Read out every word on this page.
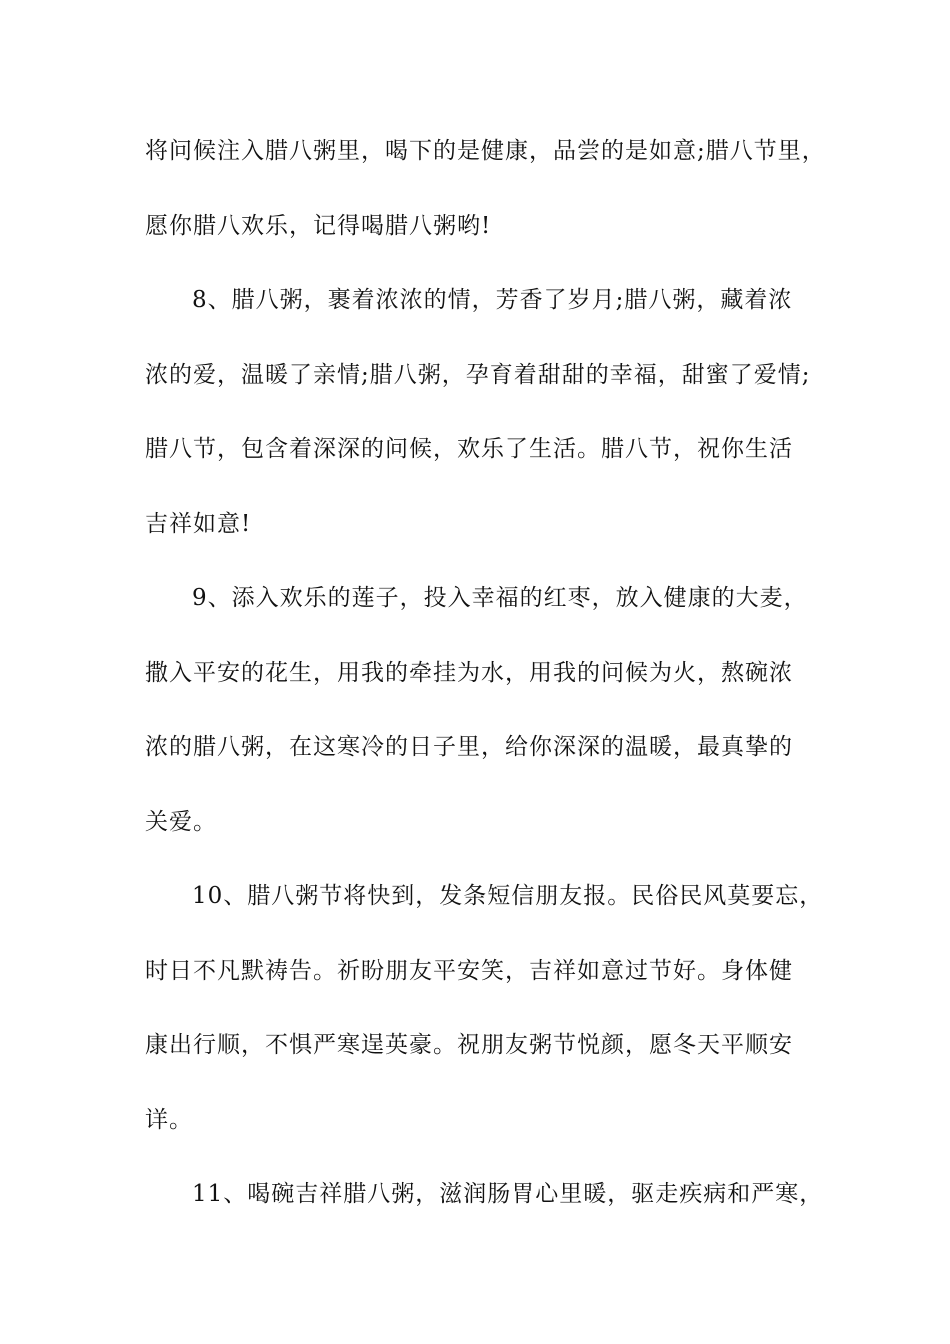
将问候注入腊八粥里，喝下的是健康，品尝的是如意;腊八节里，
愿你腊八欢乐，记得喝腊八粥哟!
8、腊八粥，裹着浓浓的情，芳香了岁月;腊八粥，藏着浓
浓的爱，温暖了亲情;腊八粥，孕育着甜甜的幸福，甜蜜了爱情;
腊八节，包含着深深的问候，欢乐了生活。腊八节，祝你生活
吉祥如意!
9、添入欢乐的莲子，投入幸福的红枣，放入健康的大麦，
撒入平安的花生，用我的牵挂为水，用我的问候为火，熬碗浓
浓的腊八粥，在这寒冷的日子里，给你深深的温暖，最真挚的
关爱。
10、腊八粥节将快到，发条短信朋友报。民俗民风莫要忘，
时日不凡默祷告。祈盼朋友平安笑，吉祥如意过节好。身体健
康出行顺，不惧严寒逞英豪。祝朋友粥节悦颜，愿冬天平顺安
详。
11、喝碗吉祥腊八粥，滋润肠胃心里暖，驱走疾病和严寒，
